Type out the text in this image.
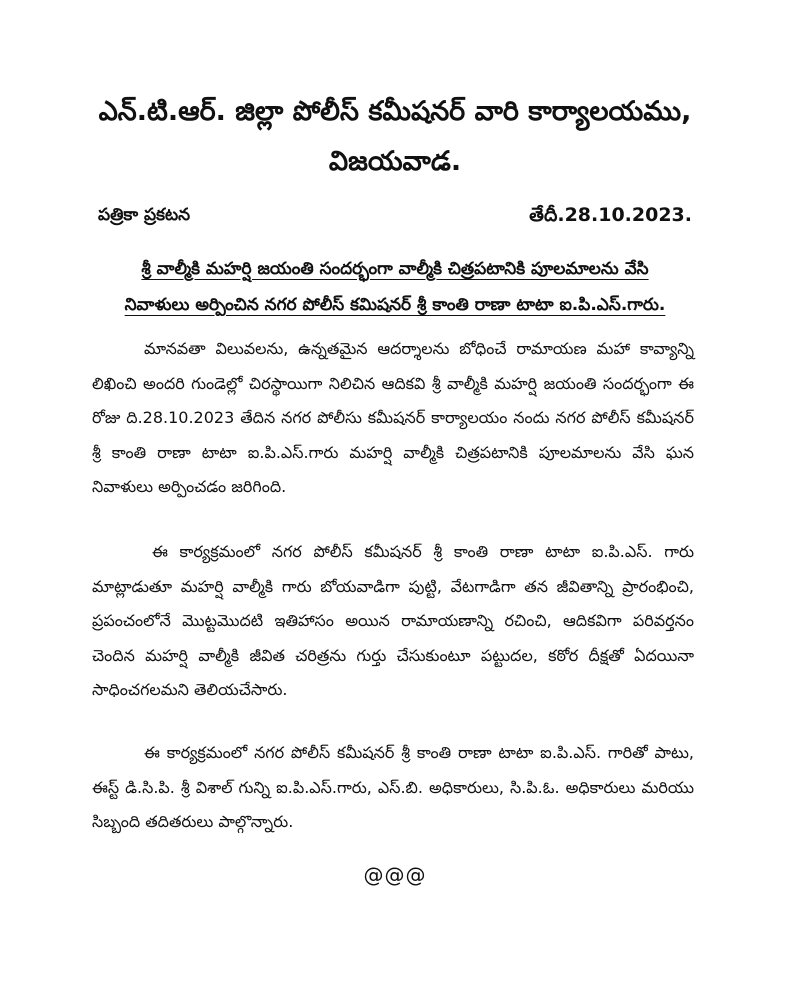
ఎన్.టి.ఆర్. జిల్లా పోలీస్ కమీషనర్ వారి కార్యాలయము,
విజయవాడ.
పత్రికా ప్రకటన	తేదీ.28.10.2023.
శ్రీ వాల్మీకి మహర్షి జయంతి సందర్భంగా వాల్మీకి చిత్రపటానికి పూలమాలను వేసి
నివాళులు అర్పించిన నగర పోలీస్ కమిషనర్ శ్రీ కాంతి రాణా టాటా ఐ.పి.ఎస్.గారు.

మానవతా విలువలను, ఉన్నతమైన ఆదర్శాలను బోధించే రామాయణ మహా కావ్యాన్ని లిఖించి అందరి గుండెల్లో చిరస్థాయిగా నిలిచిన ఆదికవి శ్రీ వాల్మీకి మహర్షి జయంతి సందర్భంగా ఈ రోజు ది.28.10.2023 తేదిన నగర పోలీసు కమీషనర్ కార్యాలయం నందు నగర పోలీస్ కమీషనర్ శ్రీ కాంతి రాణా టాటా ఐ.పి.ఎస్.గారు మహర్షి వాల్మీకి చిత్రపటానికి పూలమాలను వేసి ఘన నివాళులు అర్పించడం జరిగింది.

ఈ కార్యక్రమంలో నగర పోలీస్ కమీషనర్ శ్రీ కాంతి రాణా టాటా ఐ.పి.ఎస్. గారు మాట్లాడుతూ మహర్షి వాల్మీకి గారు బోయవాడిగా పుట్టి, వేటగాడిగా తన జీవితాన్ని ప్రారంభించి, ప్రపంచంలోనే మొట్టమొదటి ఇతిహాసం అయిన రామాయణాన్ని రచించి, ఆదికవిగా పరివర్తనం చెందిన మహర్షి వాల్మీకి జీవిత చరిత్రను గుర్తు చేసుకుంటూ పట్టుదల, కఠోర దీక్షతో ఏదయినా సాధించగలమని తెలియచేసారు.

ఈ కార్యక్రమంలో నగర పోలీస్ కమీషనర్ శ్రీ కాంతి రాణా టాటా ఐ.పి.ఎస్. గారితో పాటు, ఈస్ట్ డి.సి.పి. శ్రీ విశాల్ గున్ని ఐ.పి.ఎస్.గారు, ఎస్.బి. అధికారులు, సి.పి.ఓ. అధికారులు మరియు సిబ్బంది తదితరులు పాల్గొన్నారు.

@@@
